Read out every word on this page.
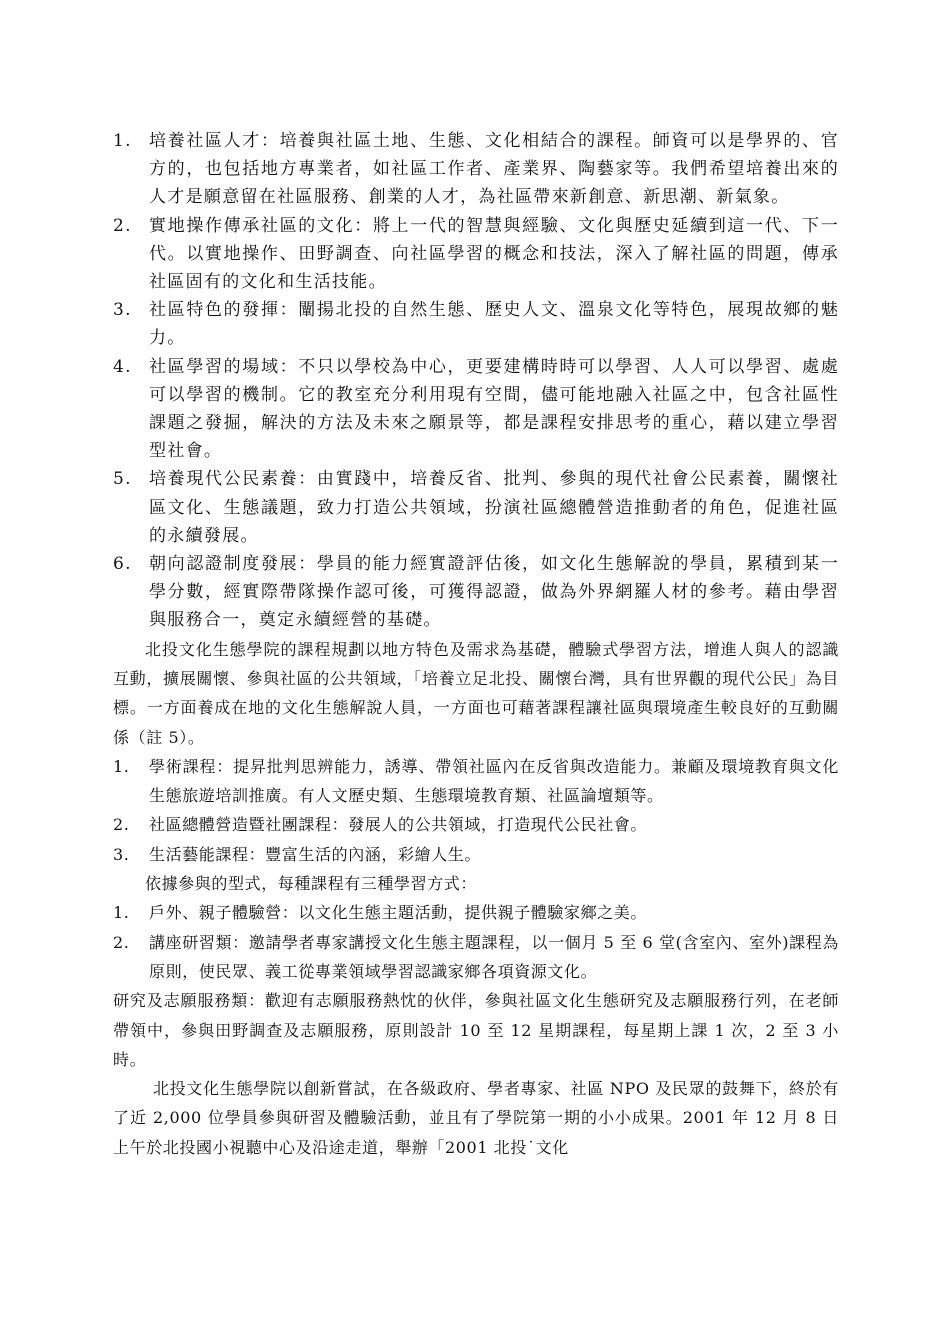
1.	培養社區人才：培養與社區土地、生態、文化相結合的課程。師資可以是學界的、官方的，也包括地方專業者，如社區工作者、產業界、陶藝家等。我們希望培養出來的人才是願意留在社區服務、創業的人才，為社區帶來新創意、新思潮、新氣象。
2.	實地操作傳承社區的文化：將上一代的智慧與經驗、文化與歷史延續到這一代、下一代。以實地操作、田野調查、向社區學習的概念和技法，深入了解社區的問題，傳承社區固有的文化和生活技能。
3.	社區特色的發揮：闡揚北投的自然生態、歷史人文、溫泉文化等特色，展現故鄉的魅力。
4.	社區學習的場域：不只以學校為中心，更要建構時時可以學習、人人可以學習、處處可以學習的機制。它的教室充分利用現有空間，儘可能地融入社區之中，包含社區性課題之發掘，解決的方法及未來之願景等，都是課程安排思考的重心，藉以建立學習型社會。
5.	培養現代公民素養：由實踐中，培養反省、批判、參與的現代社會公民素養，關懷社區文化、生態議題，致力打造公共領域，扮演社區總體營造推動者的角色，促進社區的永續發展。
6.	朝向認證制度發展：學員的能力經實證評估後，如文化生態解說的學員，累積到某一學分數，經實際帶隊操作認可後，可獲得認證，做為外界網羅人材的參考。藉由學習與服務合一，奠定永續經營的基礎。

北投文化生態學院的課程規劃以地方特色及需求為基礎，體驗式學習方法，增進人與人的認識互動，擴展關懷、參與社區的公共領域，「培養立足北投、關懷台灣，具有世界觀的現代公民」為目標。一方面養成在地的文化生態解說人員，一方面也可藉著課程讓社區與環境產生較良好的互動關係（註 5）。

1.	學術課程：提昇批判思辨能力，誘導、帶領社區內在反省與改造能力。兼顧及環境教育與文化生態旅遊培訓推廣。有人文歷史類、生態環境教育類、社區論壇類等。
2.	社區總體營造暨社團課程：發展人的公共領域，打造現代公民社會。
3.	生活藝能課程：豐富生活的內涵，彩繪人生。

依據參與的型式，每種課程有三種學習方式：

1.	戶外、親子體驗營：以文化生態主題活動，提供親子體驗家鄉之美。
2.	講座研習類：邀請學者專家講授文化生態主題課程，以一個月 5 至 6 堂(含室內、室外)課程為原則，使民眾、義工從專業領域學習認識家鄉各項資源文化。

研究及志願服務類：歡迎有志願服務熱忱的伙伴，參與社區文化生態研究及志願服務行列，在老師帶領中，參與田野調查及志願服務，原則設計 10 至 12 星期課程，每星期上課 1 次，2 至 3 小時。

北投文化生態學院以創新嘗試，在各級政府、學者專家、社區 NPO 及民眾的鼓舞下，終於有了近 2,000 位學員參與研習及體驗活動，並且有了學院第一期的小小成果。2001 年 12 月 8 日上午於北投國小視聽中心及沿途走道，舉辦「2001 北投˙文化
